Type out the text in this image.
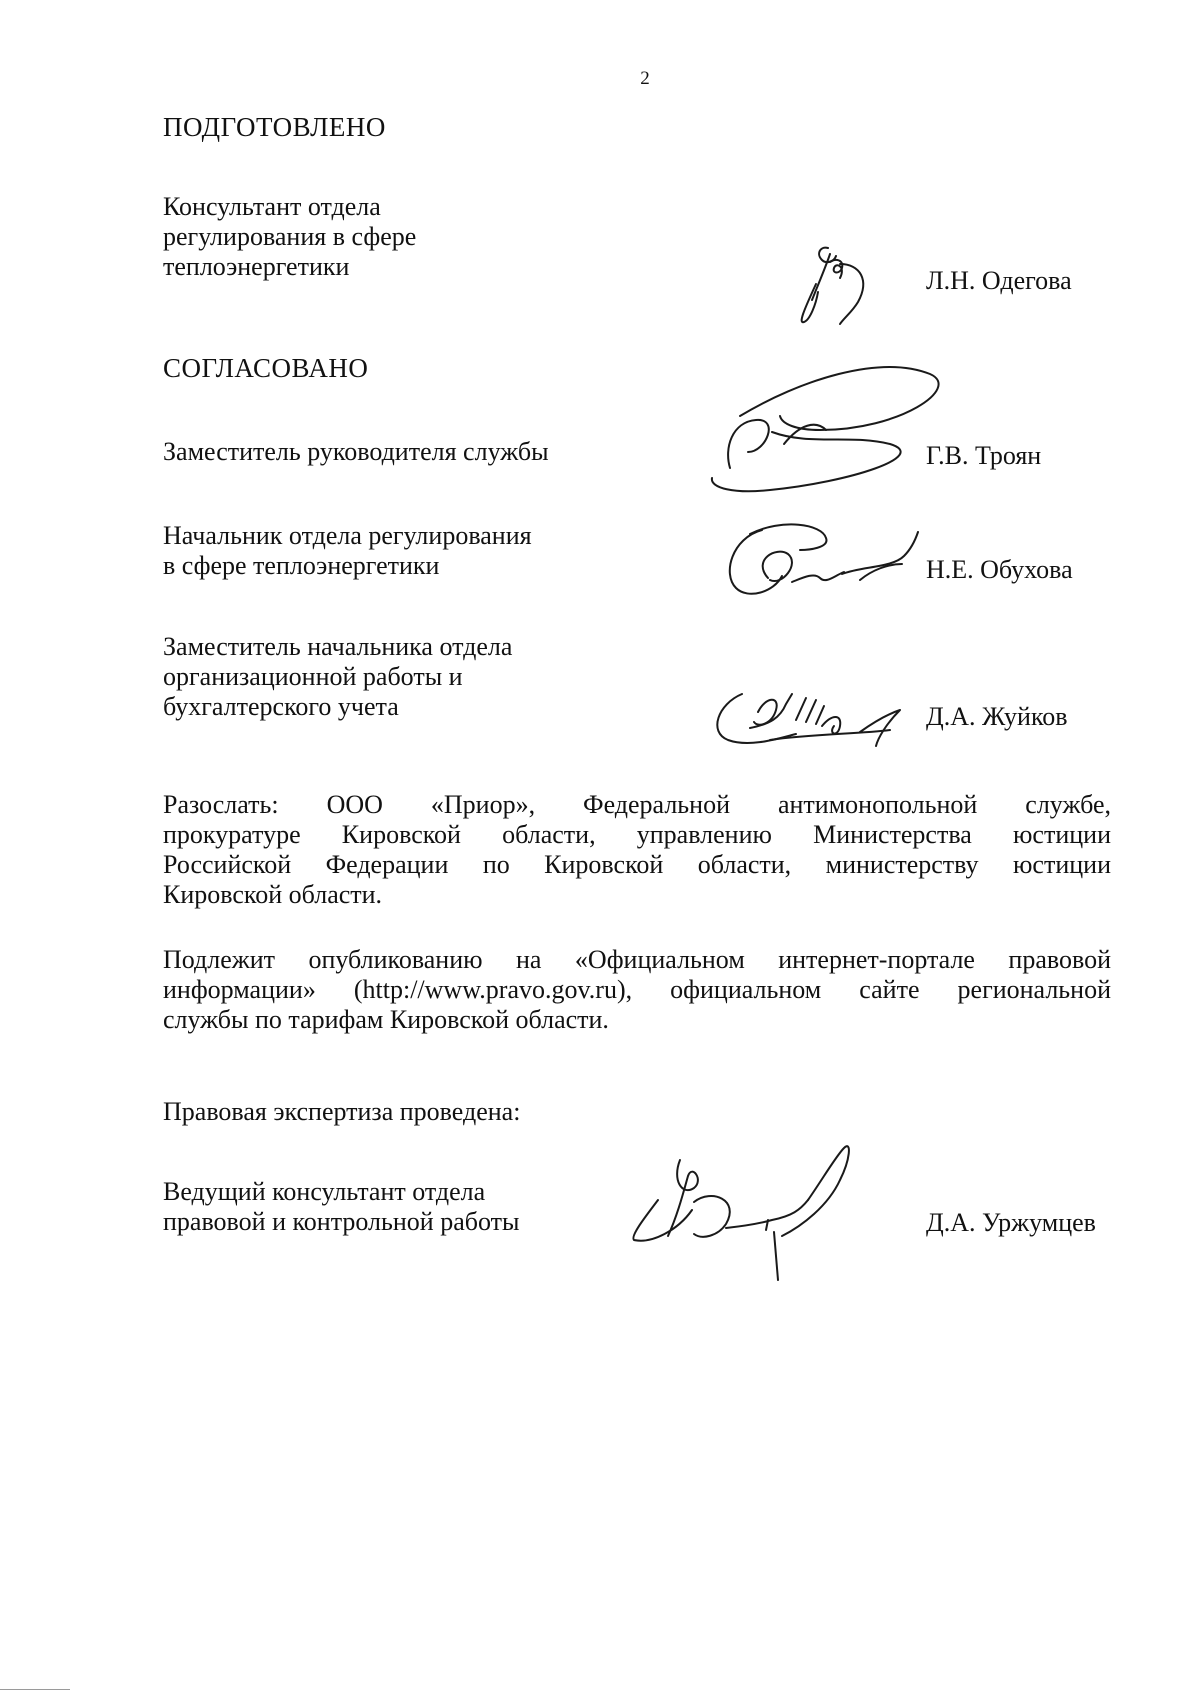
2
ПОДГОТОВЛЕНО
Консультант отдела
регулирования в сфере
теплоэнергетики	Л.Н. Одегова
СОГЛАСОВАНО
Заместитель руководителя службы	Г.В. Троян
Начальник отдела регулирования
в сфере теплоэнергетики	Н.Е. Обухова
Заместитель начальника отдела
организационной работы и
бухгалтерского учета	Д.А. Жуйков
Разослать: ООО «Приор», Федеральной антимонопольной службе,
прокуратуре Кировской области, управлению Министерства юстиции
Российской Федерации по Кировской области, министерству юстиции
Кировской области.
Подлежит опубликованию на «Официальном интернет-портале правовой
информации» (http://www.pravo.gov.ru), официальном сайте региональной
службы по тарифам Кировской области.
Правовая экспертиза проведена:
Ведущий консультант отдела
правовой и контрольной работы	Д.А. Уржумцев
